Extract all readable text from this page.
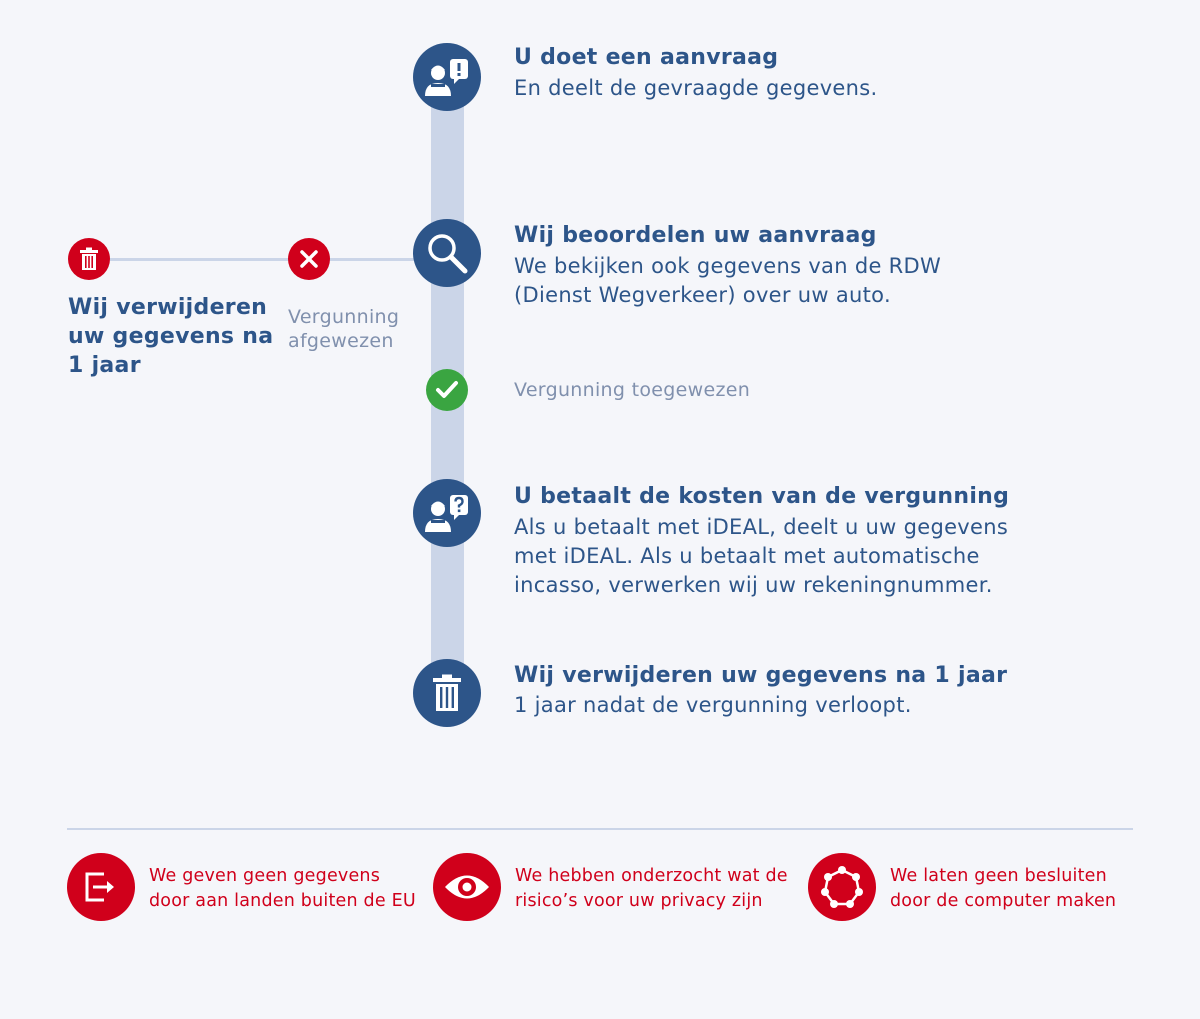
U doet een aanvraag
En deelt de gevraagde gegevens.
Wij beoordelen uw aanvraag
We bekijken ook gegevens van de RDW
(Dienst Wegverkeer) over uw auto.
Vergunning
afgewezen
Wij verwijderen uw gegevens na 1 jaar
Vergunning toegewezen
U betaalt de kosten van de vergunning
Als u betaalt met iDEAL, deelt u uw gegevens
met iDEAL. Als u betaalt met automatische
incasso, verwerken wij uw rekeningnummer.
Wij verwijderen uw gegevens na 1 jaar
1 jaar nadat de vergunning verloopt.
We geven geen gegevens
door aan landen buiten de EU
We hebben onderzocht wat de
risico’s voor uw privacy zijn
We laten geen besluiten
door de computer maken
